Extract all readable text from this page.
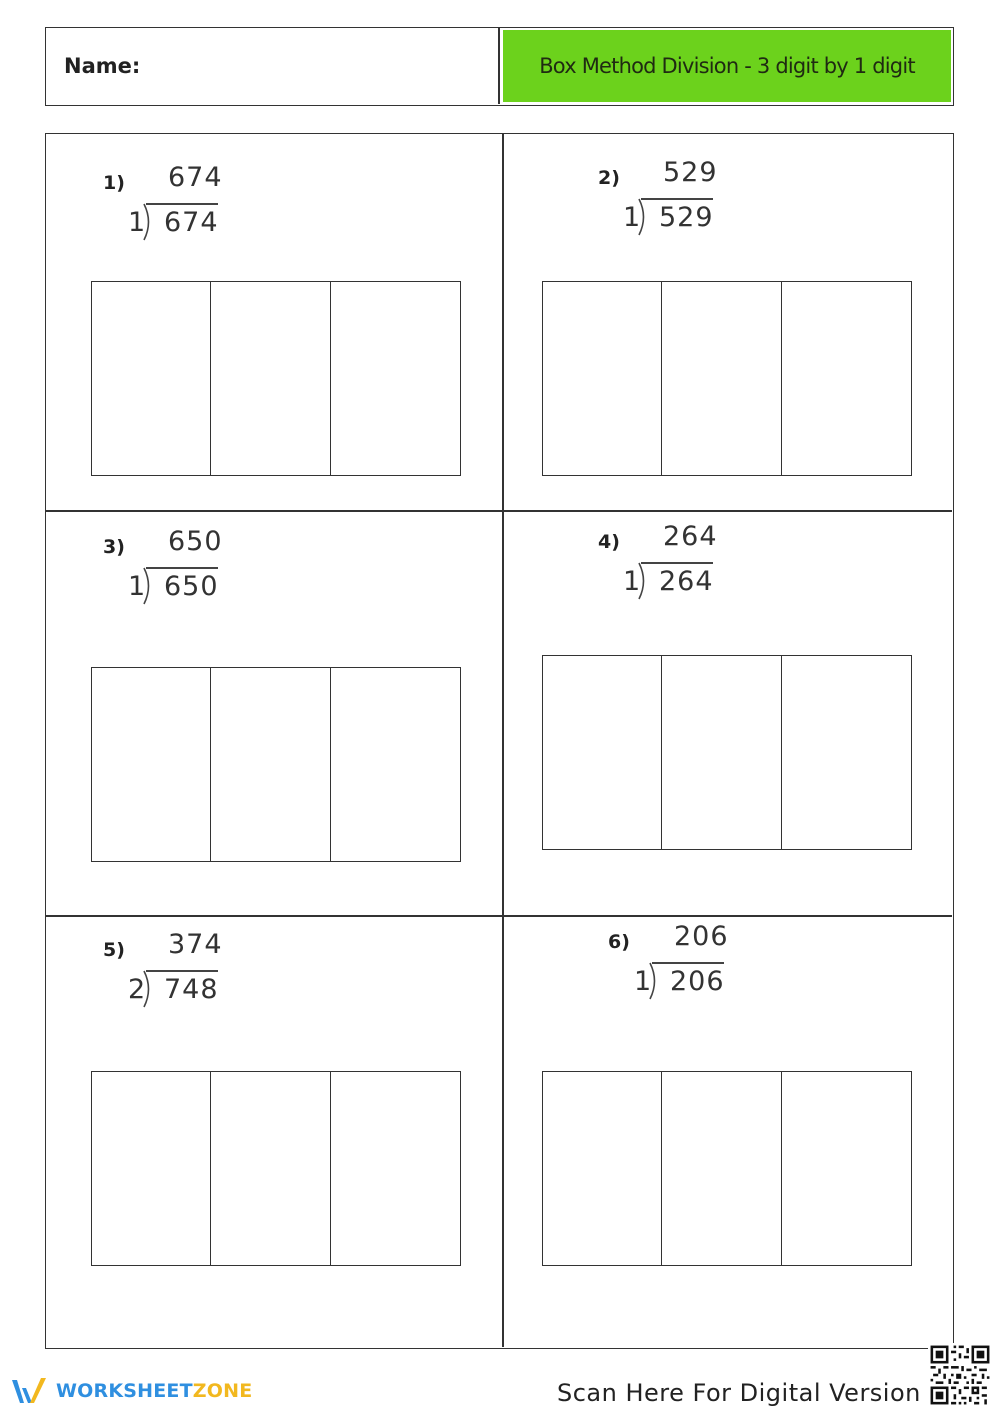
Name:	Box Method Division - 3 digit by 1 digit
1) 674
1 674
2) 529
1 529
3) 650
1 650
4) 264
1 264
5) 374
2 748
6) 206
1 206
WORKSHEETZONE	Scan Here For Digital Version
